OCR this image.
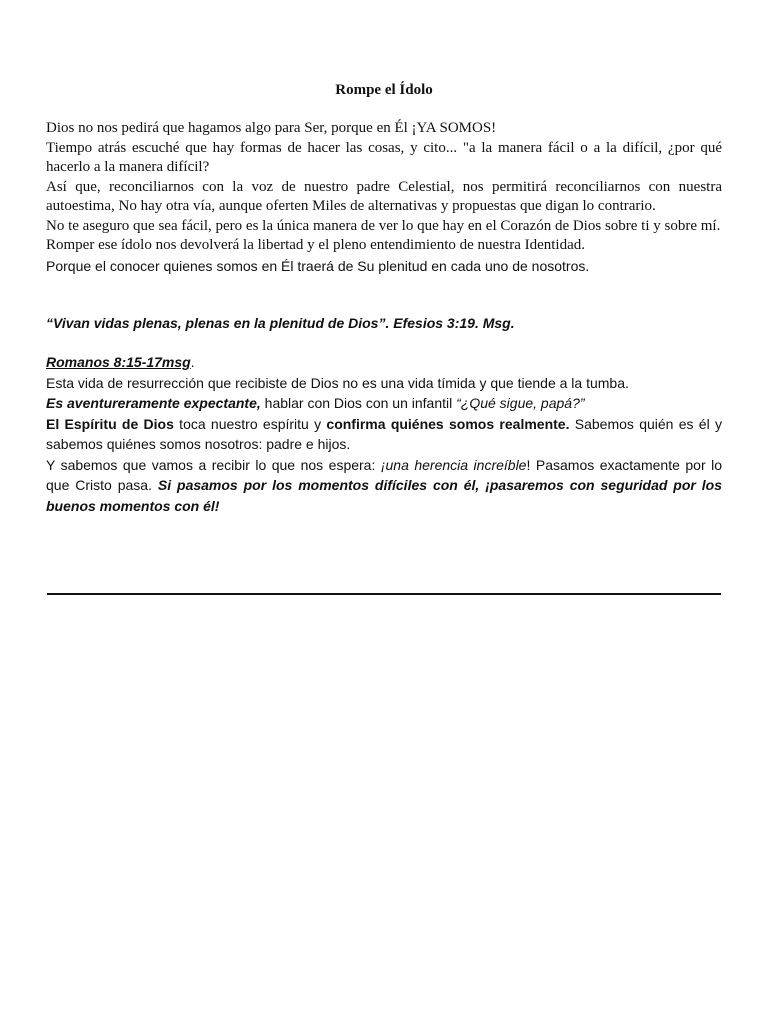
Rompe el Ídolo

Dios no nos pedirá que hagamos algo para Ser, porque en Él ¡YA SOMOS!

Tiempo atrás escuché que hay formas de hacer las cosas, y cito... "a la manera fácil o a la difícil, ¿por qué hacerlo a la manera difícil?

Así que, reconciliarnos con la voz de nuestro padre Celestial, nos permitirá reconciliarnos con nuestra autoestima, No hay otra vía, aunque oferten Miles de alternativas y propuestas que digan lo contrario.

No te aseguro que sea fácil, pero es la única manera de ver lo que hay en el Corazón de Dios sobre ti y sobre mí.

Romper ese ídolo nos devolverá la libertad y el pleno entendimiento de nuestra Identidad.

Porque el conocer quienes somos en Él traerá de Su plenitud en cada uno de nosotros.

“Vivan vidas plenas, plenas en la plenitud de Dios”. Efesios 3:19. Msg.

Romanos 8:15-17msg.

Esta vida de resurrección que recibiste de Dios no es una vida tímida y que tiende a la tumba.

Es aventureramente expectante, hablar con Dios con un infantil “¿Qué sigue, papá?”

El Espíritu de Dios toca nuestro espíritu y confirma quiénes somos realmente. Sabemos quién es él y sabemos quiénes somos nosotros: padre e hijos.

Y sabemos que vamos a recibir lo que nos espera: ¡una herencia increíble! Pasamos exactamente por lo que Cristo pasa. Si pasamos por los momentos difíciles con él, ¡pasaremos con seguridad por los buenos momentos con él!
